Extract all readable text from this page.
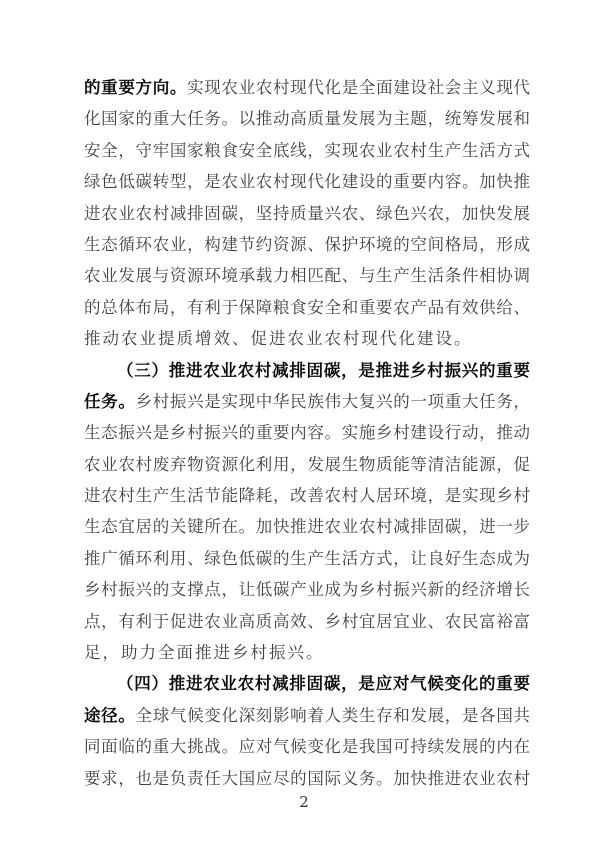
的重要方向。实现农业农村现代化是全面建设社会主义现代
化国家的重大任务。以推动高质量发展为主题，统筹发展和
安全，守牢国家粮食安全底线，实现农业农村生产生活方式
绿色低碳转型，是农业农村现代化建设的重要内容。加快推
进农业农村减排固碳，坚持质量兴农、绿色兴农，加快发展
生态循环农业，构建节约资源、保护环境的空间格局，形成
农业发展与资源环境承载力相匹配、与生产生活条件相协调
的总体布局，有利于保障粮食安全和重要农产品有效供给、
推动农业提质增效、促进农业农村现代化建设。
（三）推进农业农村减排固碳，是推进乡村振兴的重要
任务。乡村振兴是实现中华民族伟大复兴的一项重大任务，
生态振兴是乡村振兴的重要内容。实施乡村建设行动，推动
农业农村废弃物资源化利用，发展生物质能等清洁能源，促
进农村生产生活节能降耗，改善农村人居环境，是实现乡村
生态宜居的关键所在。加快推进农业农村减排固碳，进一步
推广循环利用、绿色低碳的生产生活方式，让良好生态成为
乡村振兴的支撑点，让低碳产业成为乡村振兴新的经济增长
点，有利于促进农业高质高效、乡村宜居宜业、农民富裕富
足，助力全面推进乡村振兴。
（四）推进农业农村减排固碳，是应对气候变化的重要
途径。全球气候变化深刻影响着人类生存和发展，是各国共
同面临的重大挑战。应对气候变化是我国可持续发展的内在
要求，也是负责任大国应尽的国际义务。加快推进农业农村
2
